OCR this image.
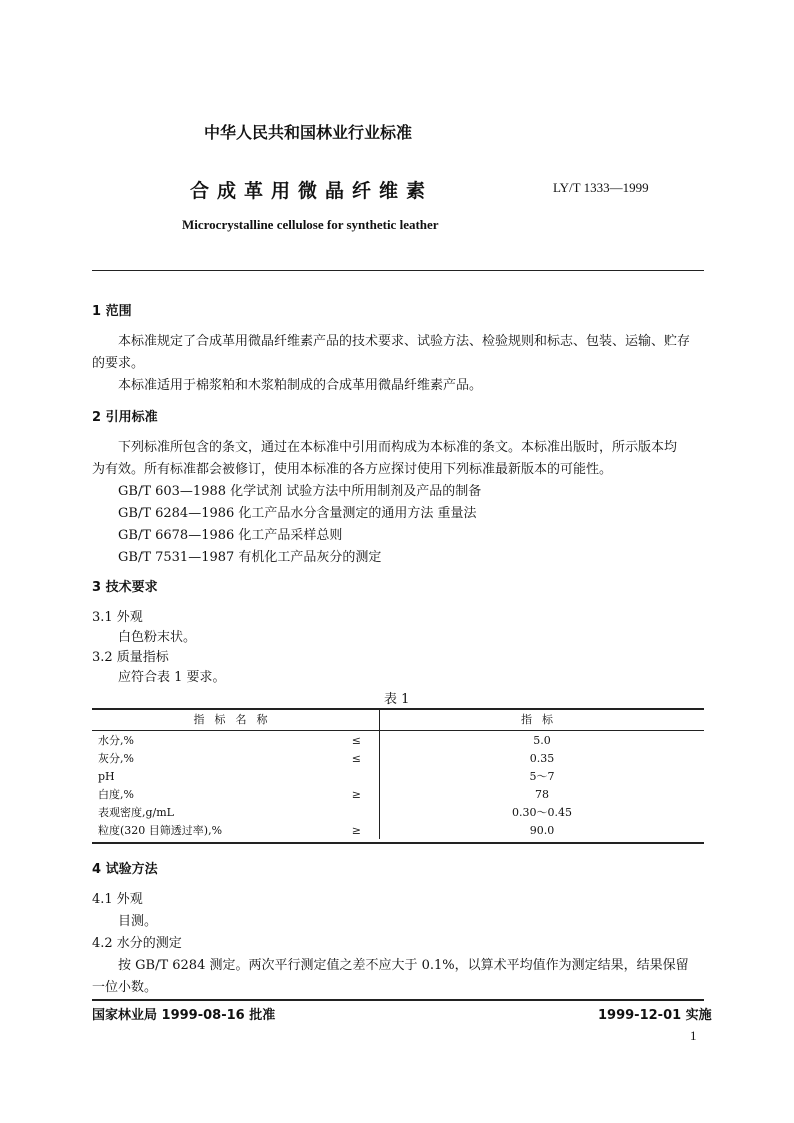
中华人民共和国林业行业标准
合成革用微晶纤维素	LY/T 1333—1999
Microcrystalline cellulose for synthetic leather
1 范围
本标准规定了合成革用微晶纤维素产品的技术要求、试验方法、检验规则和标志、包装、运输、贮存
的要求。
本标准适用于棉浆粕和木浆粕制成的合成革用微晶纤维素产品。
2 引用标准
下列标准所包含的条文，通过在本标准中引用而构成为本标准的条文。本标准出版时，所示版本均
为有效。所有标准都会被修订，使用本标准的各方应探讨使用下列标准最新版本的可能性。
GB/T 603—1988 化学试剂 试验方法中所用制剂及产品的制备
GB/T 6284—1986 化工产品水分含量测定的通用方法 重量法
GB/T 6678—1986 化工产品采样总则
GB/T 7531—1987 有机化工产品灰分的测定
3 技术要求
3.1 外观
白色粉末状。
3.2 质量指标
应符合表 1 要求。
表 1
指标名称		指标
水分,%	≤	5.0
灰分,%	≤	0.35
pH		5～7
白度,%	≥	78
表观密度,g/mL		0.30～0.45
粒度(320 目筛透过率),%	≥	90.0
4 试验方法
4.1 外观
目测。
4.2 水分的测定
按 GB/T 6284 测定。两次平行测定值之差不应大于 0.1%，以算术平均值作为测定结果，结果保留
一位小数。
国家林业局 1999-08-16 批准	1999-12-01 实施
1
